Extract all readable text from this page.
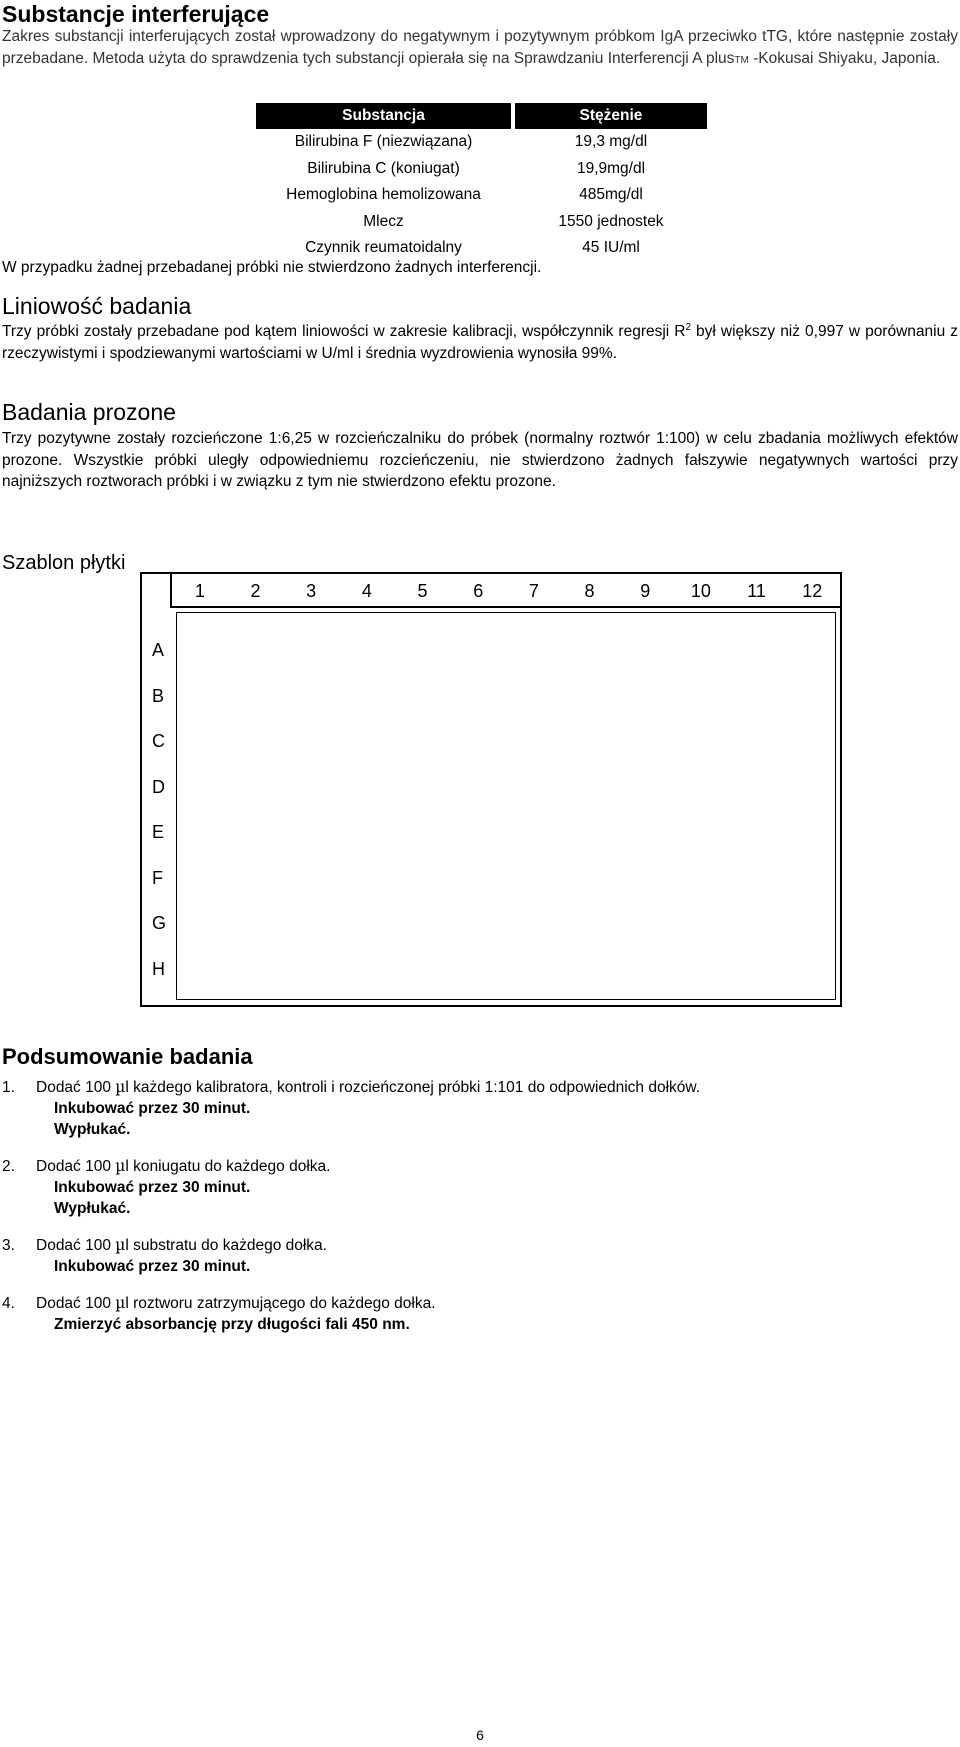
Substancje interferujące
Zakres substancji interferujących został wprowadzony do negatywnym i pozytywnym próbkom IgA przeciwko tTG, które następnie zostały przebadane. Metoda użyta do sprawdzenia tych substancji opierała się na Sprawdzaniu Interferencji A plusTM -Kokusai Shiyaku, Japonia.
Substancja		Stężenie
Bilirubina F (niezwiązana)		19,3 mg/dl
Bilirubina C (koniugat)		19,9mg/dl
Hemoglobina hemolizowana		485mg/dl
Mlecz		1550 jednostek
Czynnik reumatoidalny		45 IU/ml
W przypadku żadnej przebadanej próbki nie stwierdzono żadnych interferencji.
Liniowość badania
Trzy próbki zostały przebadane pod kątem liniowości w zakresie kalibracji, współczynnik regresji $R^2$ był większy niż 0,997 w porównaniu z rzeczywistymi i spodziewanymi wartościami w U/ml i średnia wyzdrowienia wynosiła 99%.
Badania prozone
Trzy pozytywne zostały rozcieńczone 1:6,25 w rozcieńczalniku do próbek (normalny roztwór 1:100) w celu zbadania możliwych efektów prozone. Wszystkie próbki uległy odpowiedniemu rozcieńczeniu, nie stwierdzono żadnych fałszywie negatywnych wartości przy najniższych roztworach próbki i w związku z tym nie stwierdzono efektu prozone.
Szablon płytki
1	2	3	4	5	6	7	8	9	10	11	12
A
B
C
D
E
F
G
H
Podsumowanie badania
1.	Dodać 100 µl każdego kalibratora, kontroli i rozcieńczonej próbki 1:101 do odpowiednich dołków.
Inkubować przez 30 minut.
Wypłukać.
2.	Dodać 100 µl koniugatu do każdego dołka.
Inkubować przez 30 minut.
Wypłukać.
3.	Dodać 100 µl substratu do każdego dołka.
Inkubować przez 30 minut.
4.	Dodać 100 µl roztworu zatrzymującego do każdego dołka.
Zmierzyć absorbancję przy długości fali 450 nm.
6
